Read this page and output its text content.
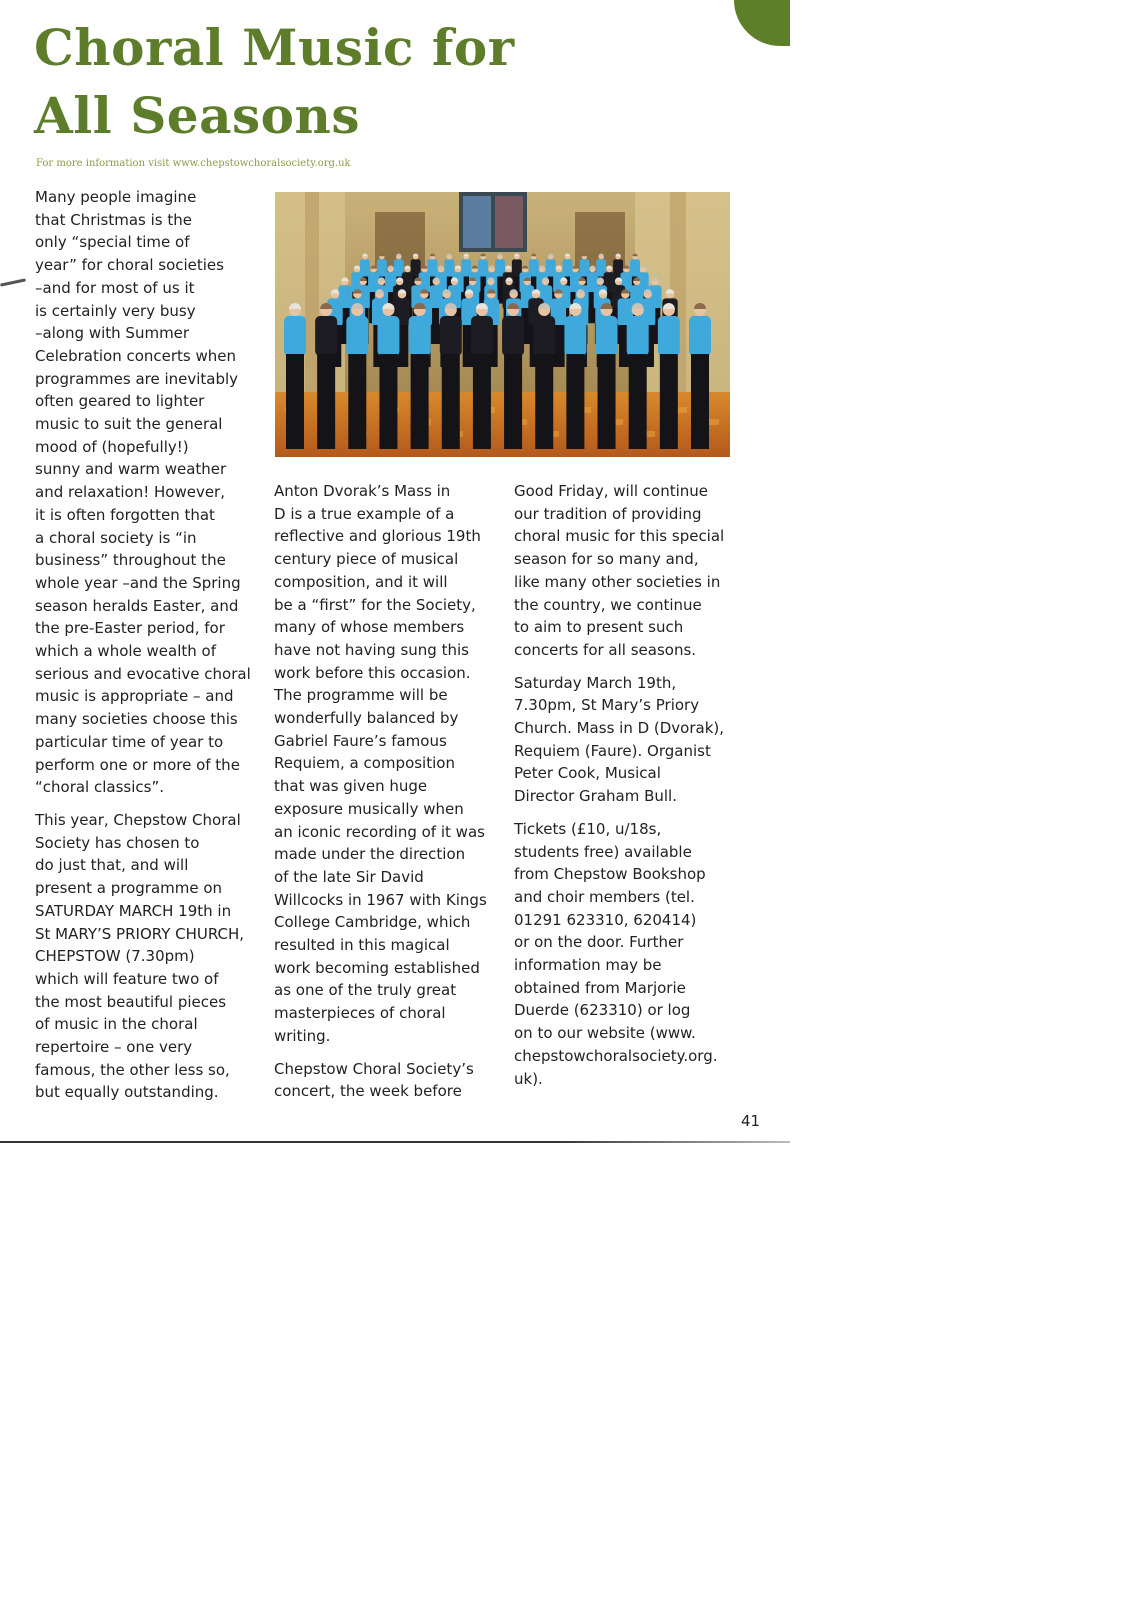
Choral Music for
All Seasons
For more information visit www.chepstowchoralsociety.org.uk

Many people imagine
that Christmas is the
only “special time of
year” for choral societies
–and for most of us it
is certainly very busy
–along with Summer
Celebration concerts when
programmes are inevitably
often geared to lighter
music to suit the general
mood of (hopefully!)
sunny and warm weather
and relaxation! However,
it is often forgotten that
a choral society is “in
business” throughout the
whole year –and the Spring
season heralds Easter, and
the pre-Easter period, for
which a whole wealth of
serious and evocative choral
music is appropriate – and
many societies choose this
particular time of year to
perform one or more of the
“choral classics”.

This year, Chepstow Choral
Society has chosen to
do just that, and will
present a programme on
SATURDAY MARCH 19th in
St MARY’S PRIORY CHURCH,
CHEPSTOW (7.30pm)
which will feature two of
the most beautiful pieces
of music in the choral
repertoire – one very
famous, the other less so,
but equally outstanding.

Anton Dvorak’s Mass in
D is a true example of a
reflective and glorious 19th
century piece of musical
composition, and it will
be a “first” for the Society,
many of whose members
have not having sung this
work before this occasion.
The programme will be
wonderfully balanced by
Gabriel Faure’s famous
Requiem, a composition
that was given huge
exposure musically when
an iconic recording of it was
made under the direction
of the late Sir David
Willcocks in 1967 with Kings
College Cambridge, which
resulted in this magical
work becoming established
as one of the truly great
masterpieces of choral
writing.

Chepstow Choral Society’s
concert, the week before

Good Friday, will continue
our tradition of providing
choral music for this special
season for so many and,
like many other societies in
the country, we continue
to aim to present such
concerts for all seasons.

Saturday March 19th,
7.30pm, St Mary’s Priory
Church. Mass in D (Dvorak),
Requiem (Faure). Organist
Peter Cook, Musical
Director Graham Bull.

Tickets (£10, u/18s,
students free) available
from Chepstow Bookshop
and choir members (tel.
01291 623310, 620414)
or on the door. Further
information may be
obtained from Marjorie
Duerde (623310) or log
on to our website (www.
chepstowchoralsociety.org.
uk).

41
